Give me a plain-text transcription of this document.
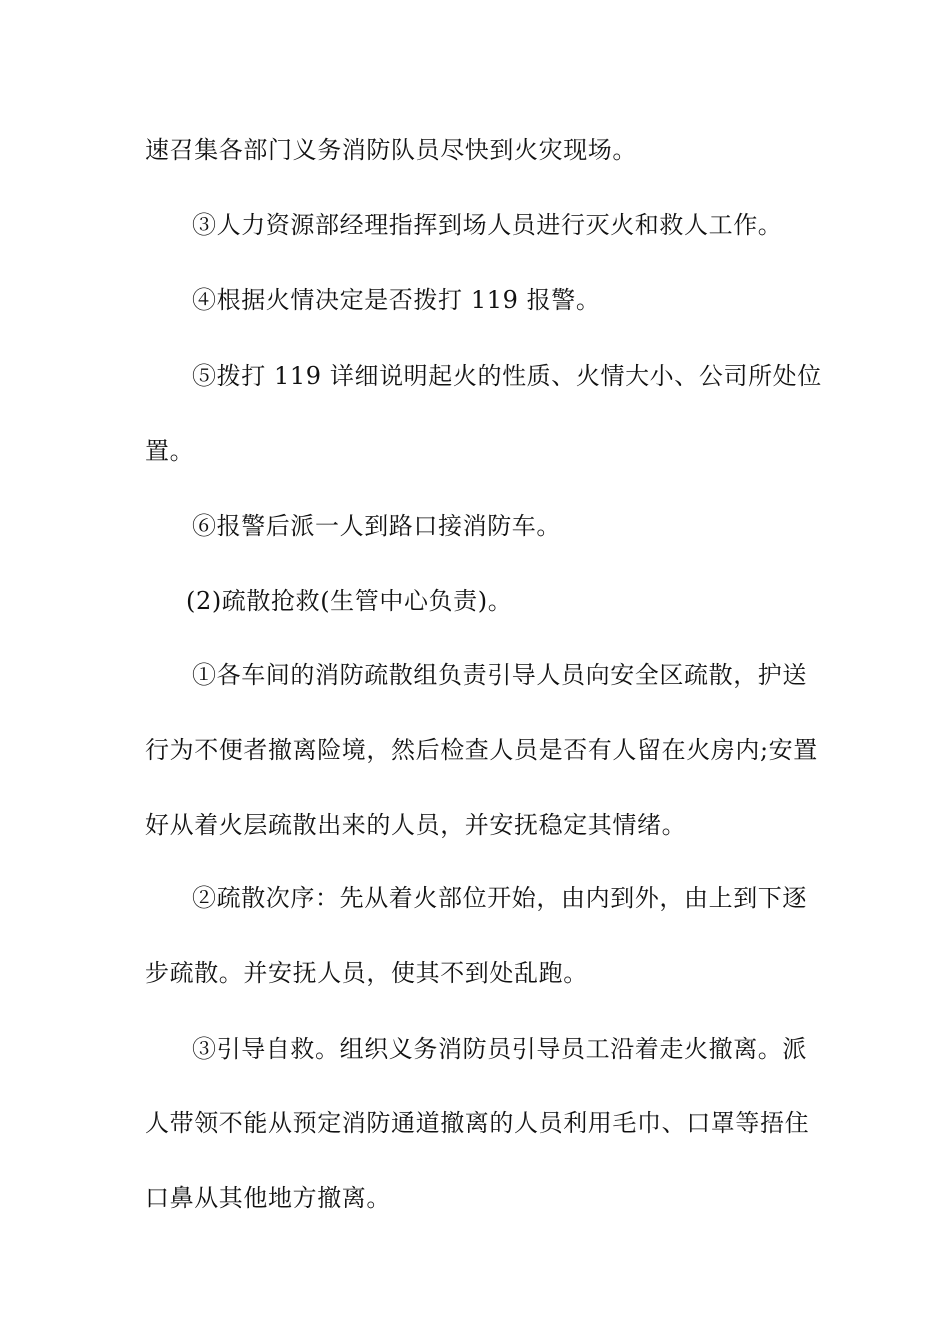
速召集各部门义务消防队员尽快到火灾现场。
③人力资源部经理指挥到场人员进行灭火和救人工作。
④根据火情决定是否拨打 119 报警。
⑤拨打 119 详细说明起火的性质、火情大小、公司所处位
置。
⑥报警后派一人到路口接消防车。
(2)疏散抢救(生管中心负责)。
①各车间的消防疏散组负责引导人员向安全区疏散，护送
行为不便者撤离险境，然后检查人员是否有人留在火房内;安置
好从着火层疏散出来的人员，并安抚稳定其情绪。
②疏散次序：先从着火部位开始，由内到外，由上到下逐
步疏散。并安抚人员，使其不到处乱跑。
③引导自救。组织义务消防员引导员工沿着走火撤离。派
人带领不能从预定消防通道撤离的人员利用毛巾、口罩等捂住
口鼻从其他地方撤离。
